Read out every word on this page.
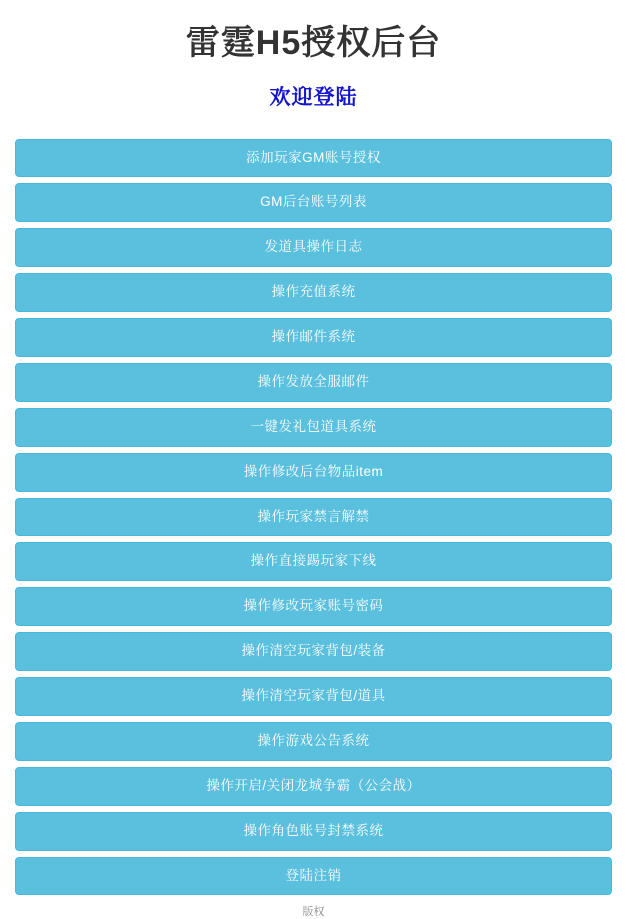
雷霆H5授权后台
欢迎登陆
添加玩家GM账号授权
GM后台账号列表
发道具操作日志
操作充值系统
操作邮件系统
操作发放全服邮件
一键发礼包道具系统
操作修改后台物品item
操作玩家禁言解禁
操作直接踢玩家下线
操作修改玩家账号密码
操作清空玩家背包/装备
操作清空玩家背包/道具
操作游戏公告系统
操作开启/关闭龙城争霸（公会战）
操作角色账号封禁系统
登陆注销
版权
